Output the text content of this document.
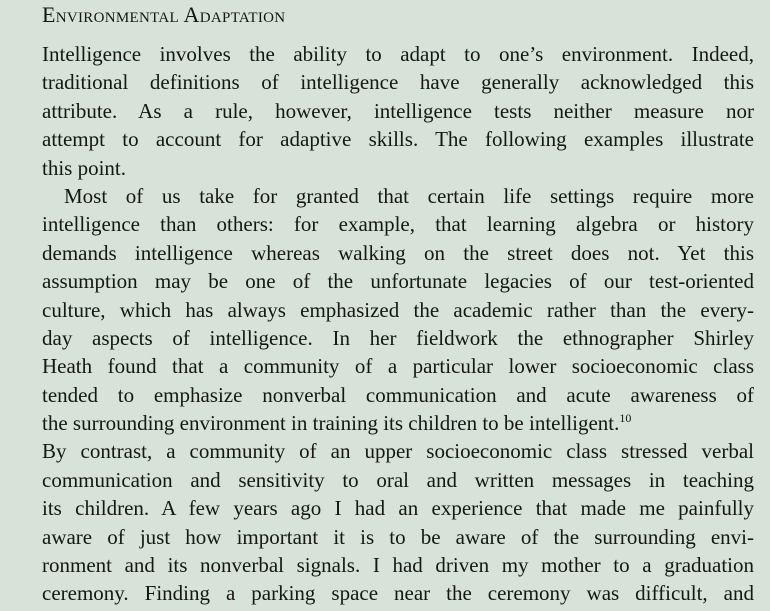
Environmental Adaptation
Intelligence involves the ability to adapt to one’s environment. Indeed,
traditional definitions of intelligence have generally acknowledged this
attribute. As a rule, however, intelligence tests neither measure nor
attempt to account for adaptive skills. The following examples illustrate
this point.
Most of us take for granted that certain life settings require more
intelligence than others: for example, that learning algebra or history
demands intelligence whereas walking on the street does not. Yet this
assumption may be one of the unfortunate legacies of our test-oriented
culture, which has always emphasized the academic rather than the every-
day aspects of intelligence. In her fieldwork the ethnographer Shirley
Heath found that a community of a particular lower socioeconomic class
tended to emphasize nonverbal communication and acute awareness of
the surrounding environment in training its children to be intelligent.$^{10}$
By contrast, a community of an upper socioeconomic class stressed verbal
communication and sensitivity to oral and written messages in teaching
its children. A few years ago I had an experience that made me painfully
aware of just how important it is to be aware of the surrounding envi-
ronment and its nonverbal signals. I had driven my mother to a graduation
ceremony. Finding a parking space near the ceremony was difficult, and
